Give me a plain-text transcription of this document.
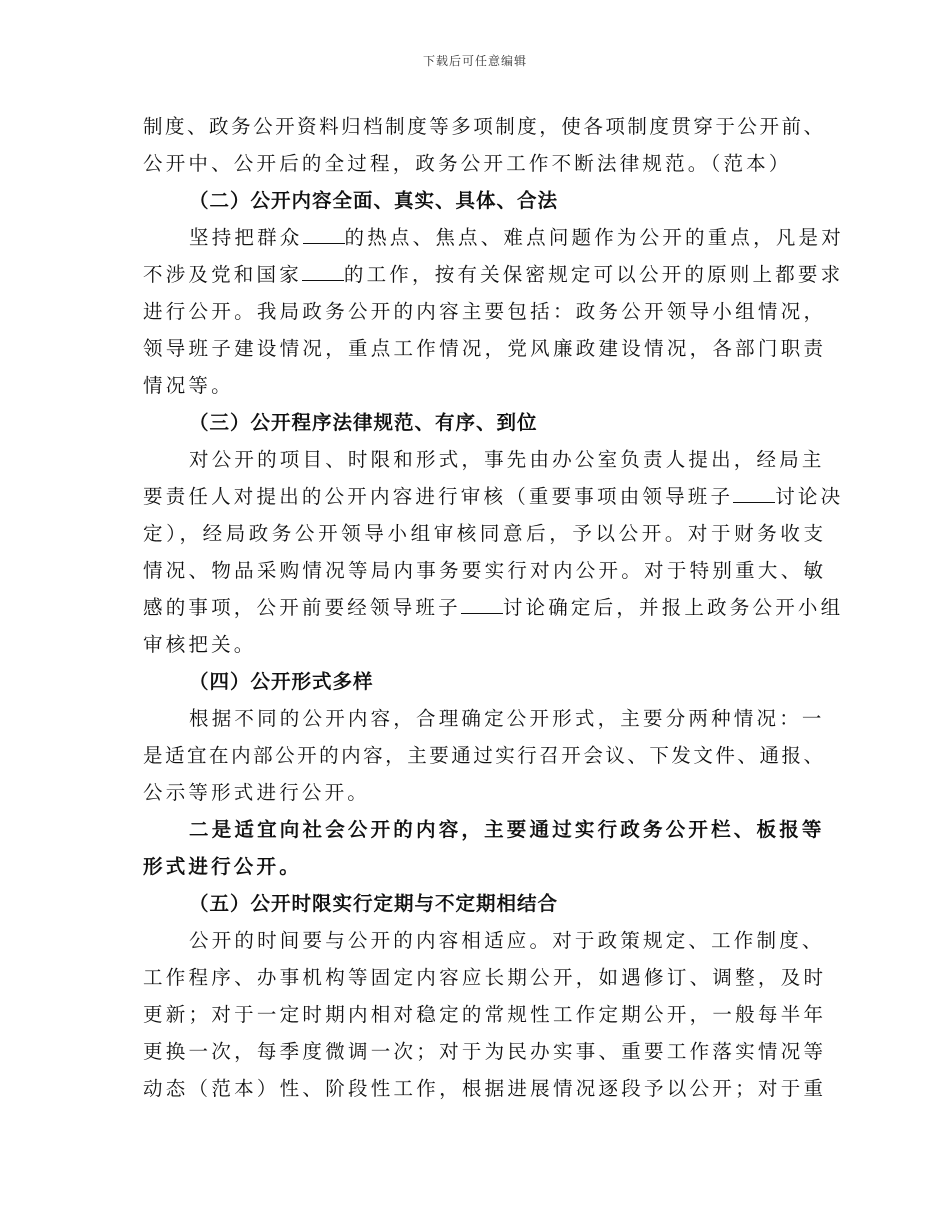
下载后可任意编辑
制度、政务公开资料归档制度等多项制度，使各项制度贯穿于公开前、
公开中、公开后的全过程，政务公开工作不断法律规范。（范本）
（二）公开内容全面、真实、具体、合法
坚持把群众 的热点、焦点、难点问题作为公开的重点，凡是对
不涉及党和国家 的工作，按有关保密规定可以公开的原则上都要求
进行公开。我局政务公开的内容主要包括：政务公开领导小组情况，
领导班子建设情况，重点工作情况，党风廉政建设情况，各部门职责
情况等。
（三）公开程序法律规范、有序、到位
对公开的项目、时限和形式，事先由办公室负责人提出，经局主
要责任人对提出的公开内容进行审核（重要事项由领导班子 讨论决
定），经局政务公开领导小组审核同意后，予以公开。对于财务收支
情况、物品采购情况等局内事务要实行对内公开。对于特别重大、敏
感的事项，公开前要经领导班子 讨论确定后，并报上政务公开小组
审核把关。
（四）公开形式多样
根据不同的公开内容，合理确定公开形式，主要分两种情况：一
是适宜在内部公开的内容，主要通过实行召开会议、下发文件、通报、
公示等形式进行公开。
二是适宜向社会公开的内容，主要通过实行政务公开栏、板报等
形式进行公开。
（五）公开时限实行定期与不定期相结合
公开的时间要与公开的内容相适应。对于政策规定、工作制度、
工作程序、办事机构等固定内容应长期公开，如遇修订、调整，及时
更新；对于一定时期内相对稳定的常规性工作定期公开，一般每半年
更换一次，每季度微调一次；对于为民办实事、重要工作落实情况等
动态（范本）性、阶段性工作，根据进展情况逐段予以公开；对于重
